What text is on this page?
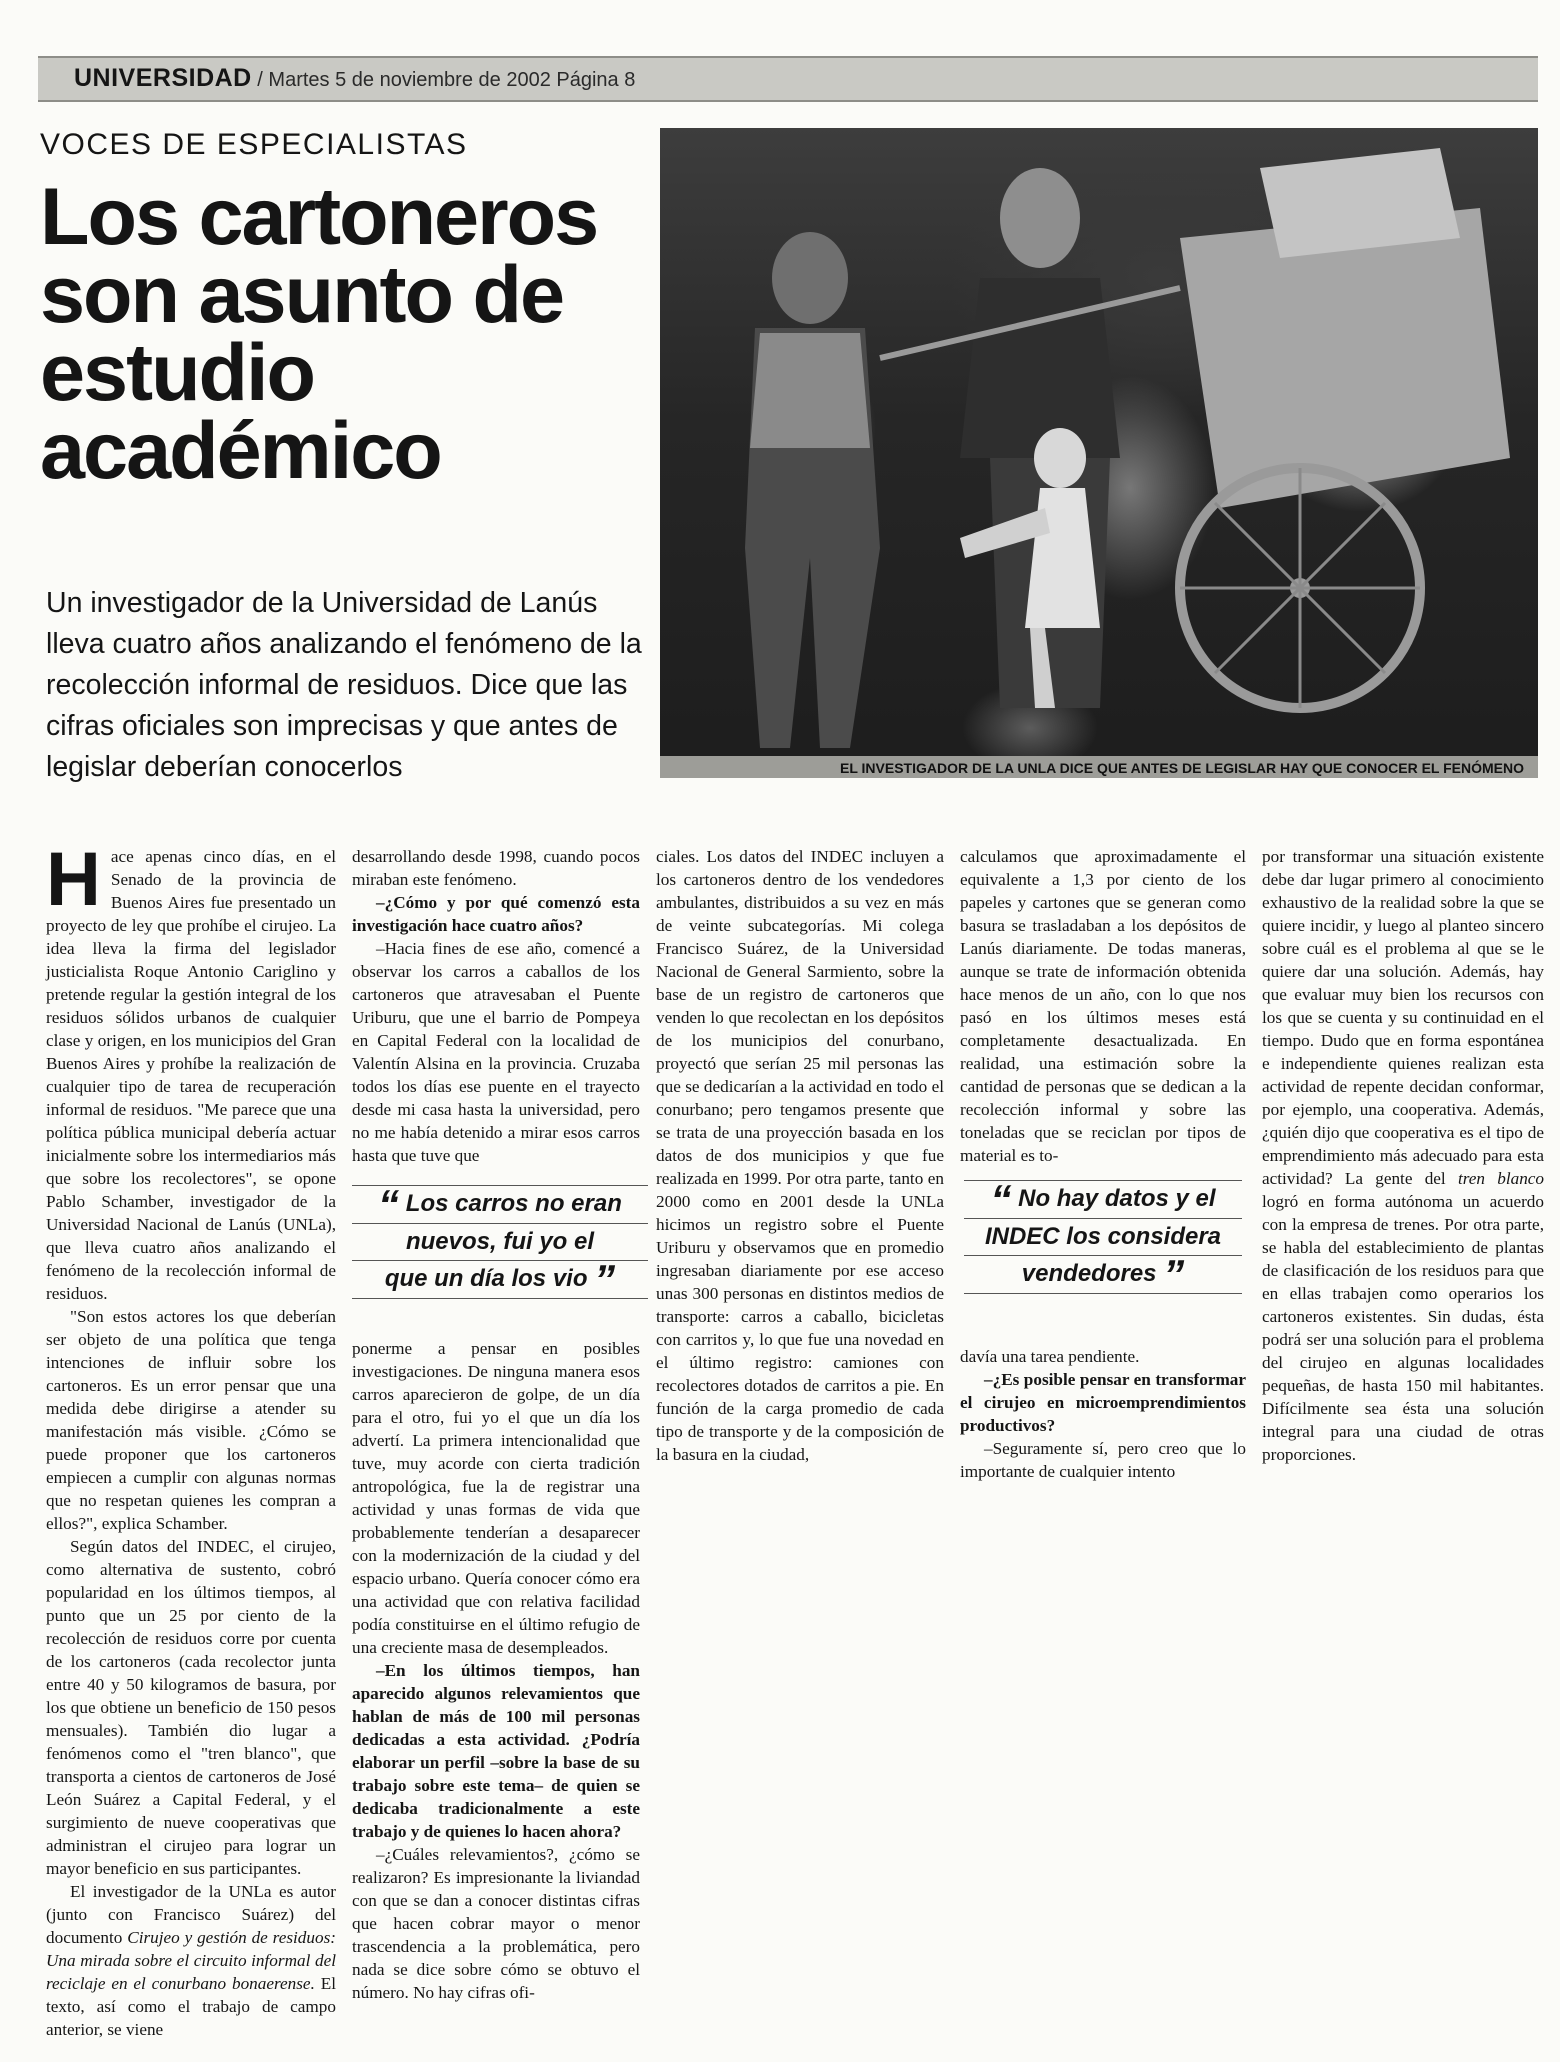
UNIVERSIDAD / Martes 5 de noviembre de 2002 Página 8
VOCES DE ESPECIALISTAS
Los cartoneros son asunto de estudio académico

Un investigador de la Universidad de Lanús lleva cuatro años analizando el fenómeno de la recolección informal de residuos. Dice que las cifras oficiales son imprecisas y que antes de legislar deberían conocerlos	EL INVESTIGADOR DE LA UNLA DICE QUE ANTES DE LEGISLAR HAY QUE CONOCER EL FENÓMENO

Hace apenas cinco días, en el Senado de la provincia de Buenos Aires fue presentado un proyecto de ley que prohíbe el cirujeo. La idea lleva la firma del legislador justicialista Roque Antonio Cariglino y pretende regular la gestión integral de los residuos sólidos urbanos de cualquier clase y origen, en los municipios del Gran Buenos Aires y prohíbe la realización de cualquier tipo de tarea de recuperación informal de residuos. "Me parece que una política pública municipal debería actuar inicialmente sobre los intermediarios más que sobre los recolectores", se opone Pablo Schamber, investigador de la Universidad Nacional de Lanús (UNLa), que lleva cuatro años analizando el fenómeno de la recolección informal de residuos.

"Son estos actores los que deberían ser objeto de una política que tenga intenciones de influir sobre los cartoneros. Es un error pensar que una medida debe dirigirse a atender su manifestación más visible. ¿Cómo se puede proponer que los cartoneros empiecen a cumplir con algunas normas que no respetan quienes les compran a ellos?", explica Schamber.

Según datos del INDEC, el cirujeo, como alternativa de sustento, cobró popularidad en los últimos tiempos, al punto que un 25 por ciento de la recolección de residuos corre por cuenta de los cartoneros (cada recolector junta entre 40 y 50 kilogramos de basura, por los que obtiene un beneficio de 150 pesos mensuales). También dio lugar a fenómenos como el "tren blanco", que transporta a cientos de cartoneros de José León Suárez a Capital Federal, y el surgimiento de nueve cooperativas que administran el cirujeo para lograr un mayor beneficio en sus participantes.

El investigador de la UNLa es autor (junto con Francisco Suárez) del documento Cirujeo y gestión de residuos: Una mirada sobre el circuito informal del reciclaje en el conurbano bonaerense. El texto, así como el trabajo de campo anterior, se viene

desarrollando desde 1998, cuando pocos miraban este fenómeno.

–¿Cómo y por qué comenzó esta investigación hace cuatro años?

–Hacia fines de ese año, comencé a observar los carros a caballos de los cartoneros que atravesaban el Puente Uriburu, que une el barrio de Pompeya en Capital Federal con la localidad de Valentín Alsina en la provincia. Cruzaba todos los días ese puente en el trayecto desde mi casa hasta la universidad, pero no me había detenido a mirar esos carros hasta que tuve que

ponerme a pensar en posibles investigaciones. De ninguna manera esos carros aparecieron de golpe, de un día para el otro, fui yo el que un día los advertí. La primera intencionalidad que tuve, muy acorde con cierta tradición antropológica, fue la de registrar una actividad y unas formas de vida que probablemente tenderían a desaparecer con la modernización de la ciudad y del espacio urbano. Quería conocer cómo era una actividad que con relativa facilidad podía constituirse en el último refugio de una creciente masa de desempleados.

–En los últimos tiempos, han aparecido algunos relevamientos que hablan de más de 100 mil personas dedicadas a esta actividad. ¿Podría elaborar un perfil –sobre la base de su trabajo sobre este tema– de quien se dedicaba tradicionalmente a este trabajo y de quienes lo hacen ahora?

–¿Cuáles relevamientos?, ¿cómo se realizaron? Es impresionante la liviandad con que se dan a conocer distintas cifras que hacen cobrar mayor o menor trascendencia a la problemática, pero nada se dice sobre cómo se obtuvo el número. No hay cifras ofi-

“ Los carros no eran
nuevos, fui yo el
que un día los vio ”

ciales. Los datos del INDEC incluyen a los cartoneros dentro de los vendedores ambulantes, distribuidos a su vez en más de veinte subcategorías. Mi colega Francisco Suárez, de la Universidad Nacional de General Sarmiento, sobre la base de un registro de cartoneros que venden lo que recolectan en los depósitos de los municipios del conurbano, proyectó que serían 25 mil personas las que se dedicarían a la actividad en todo el conurbano; pero tengamos presente que se trata de una proyección basada en los datos de dos municipios y que fue realizada en 1999. Por otra parte, tanto en 2000 como en 2001 desde la UNLa hicimos un registro sobre el Puente Uriburu y observamos que en promedio ingresaban diariamente por ese acceso unas 300 personas en distintos medios de transporte: carros a caballo, bicicletas con carritos y, lo que fue una novedad en el último registro: camiones con recolectores dotados de carritos a pie. En función de la carga promedio de cada tipo de transporte y de la composición de la basura en la ciudad,

calculamos que aproximadamente el equivalente a 1,3 por ciento de los papeles y cartones que se generan como basura se trasladaban a los depósitos de Lanús diariamente. De todas maneras, aunque se trate de información obtenida hace menos de un año, con lo que nos pasó en los últimos meses está completamente desactualizada. En realidad, una estimación sobre la cantidad de personas que se dedican a la recolección informal y sobre las toneladas que se reciclan por tipos de material es to-

davía una tarea pendiente.

–¿Es posible pensar en transformar el cirujeo en microemprendimientos productivos?

–Seguramente sí, pero creo que lo importante de cualquier intento

“ No hay datos y el
INDEC los considera
vendedores ”

por transformar una situación existente debe dar lugar primero al conocimiento exhaustivo de la realidad sobre la que se quiere incidir, y luego al planteo sincero sobre cuál es el problema al que se le quiere dar una solución. Además, hay que evaluar muy bien los recursos con los que se cuenta y su continuidad en el tiempo. Dudo que en forma espontánea e independiente quienes realizan esta actividad de repente decidan conformar, por ejemplo, una cooperativa. Además, ¿quién dijo que cooperativa es el tipo de emprendimiento más adecuado para esta actividad? La gente del tren blanco logró en forma autónoma un acuerdo con la empresa de trenes. Por otra parte, se habla del establecimiento de plantas de clasificación de los residuos para que en ellas trabajen como operarios los cartoneros existentes. Sin dudas, ésta podrá ser una solución para el problema del cirujeo en algunas localidades pequeñas, de hasta 150 mil habitantes. Difícilmente sea ésta una solución integral para una ciudad de otras proporciones.
